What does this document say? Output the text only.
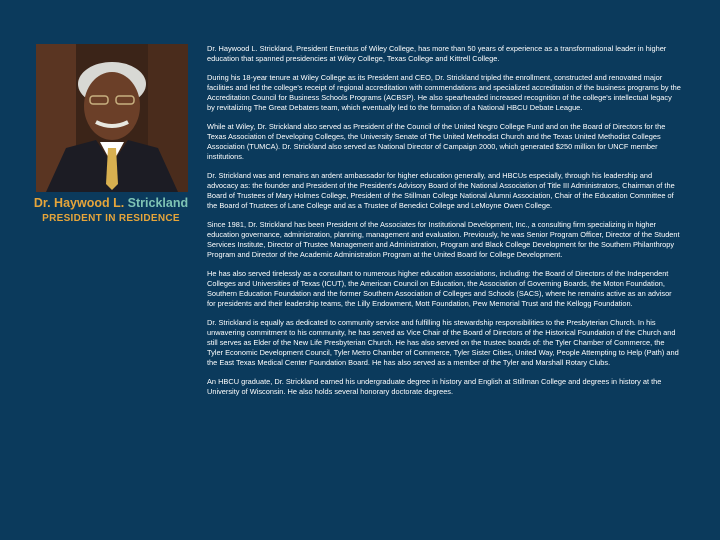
Dr. Haywood L. Strickland
PRESIDENT IN RESIDENCE

Dr. Haywood L. Strickland, President Emeritus of Wiley College, has more than 50 years of experience as a transformational leader in higher education that spanned presidencies at Wiley College, Texas College and Kittrell College.

During his 18-year tenure at Wiley College as its President and CEO, Dr. Strickland tripled the enrollment, constructed and renovated major facilities and led the college's receipt of regional accreditation with commendations and specialized accreditation of the business programs by the Accreditation Council for Business Schools Programs (ACBSP). He also spearheaded increased recognition of the college's intellectual legacy by revitalizing The Great Debaters team, which eventually led to the formation of a National HBCU Debate League.

While at Wiley, Dr. Strickland also served as President of the Council of the United Negro College Fund and on the Board of Directors for the Texas Association of Developing Colleges, the University Senate of The United Methodist Church and the Texas United Methodist Colleges Association (TUMCA). Dr. Strickland also served as National Director of Campaign 2000, which generated $250 million for UNCF member institutions.

Dr. Strickland was and remains an ardent ambassador for higher education generally, and HBCUs especially, through his leadership and advocacy as: the founder and President of the President's Advisory Board of the National Association of Title III Administrators, Chairman of the Board of Trustees of Mary Holmes College, President of the Stillman College National Alumni Association, Chair of the Education Committee of the Board of Trustees of Lane College and as a Trustee of Benedict College and LeMoyne Owen College.

Since 1981, Dr. Strickland has been President of the Associates for Institutional Development, Inc., a consulting firm specializing in higher education governance, administration, planning, management and evaluation. Previously, he was Senior Program Officer, Director of the Student Services Institute, Director of Trustee Management and Administration, Program and Black College Development for the Southern Philanthropy Program and Director of the Academic Administration Program at the United Board for College Development.

He has also served tirelessly as a consultant to numerous higher education associations, including: the Board of Directors of the Independent Colleges and Universities of Texas (ICUT), the American Council on Education, the Association of Governing Boards, the Moton Foundation, Southern Education Foundation and the former Southern Association of Colleges and Schools (SACS), where he remains active as an advisor for presidents and their leadership teams, the Lilly Endowment, Mott Foundation, Pew Memorial Trust and the Kellogg Foundation.

Dr. Strickland is equally as dedicated to community service and fulfilling his stewardship responsibilities to the Presbyterian Church. In his unwavering commitment to his community, he has served as Vice Chair of the Board of Directors of the Historical Foundation of the Church and still serves as Elder of the New Life Presbyterian Church. He has also served on the trustee boards of: the Tyler Chamber of Commerce, the Tyler Economic Development Council, Tyler Metro Chamber of Commerce, Tyler Sister Cities, United Way, People Attempting to Help (Path) and the East Texas Medical Center Foundation Board. He has also served as a member of the Tyler and Marshall Rotary Clubs.

An HBCU graduate, Dr. Strickland earned his undergraduate degree in history and English at Stillman College and degrees in history at the University of Wisconsin. He also holds several honorary doctorate degrees.
